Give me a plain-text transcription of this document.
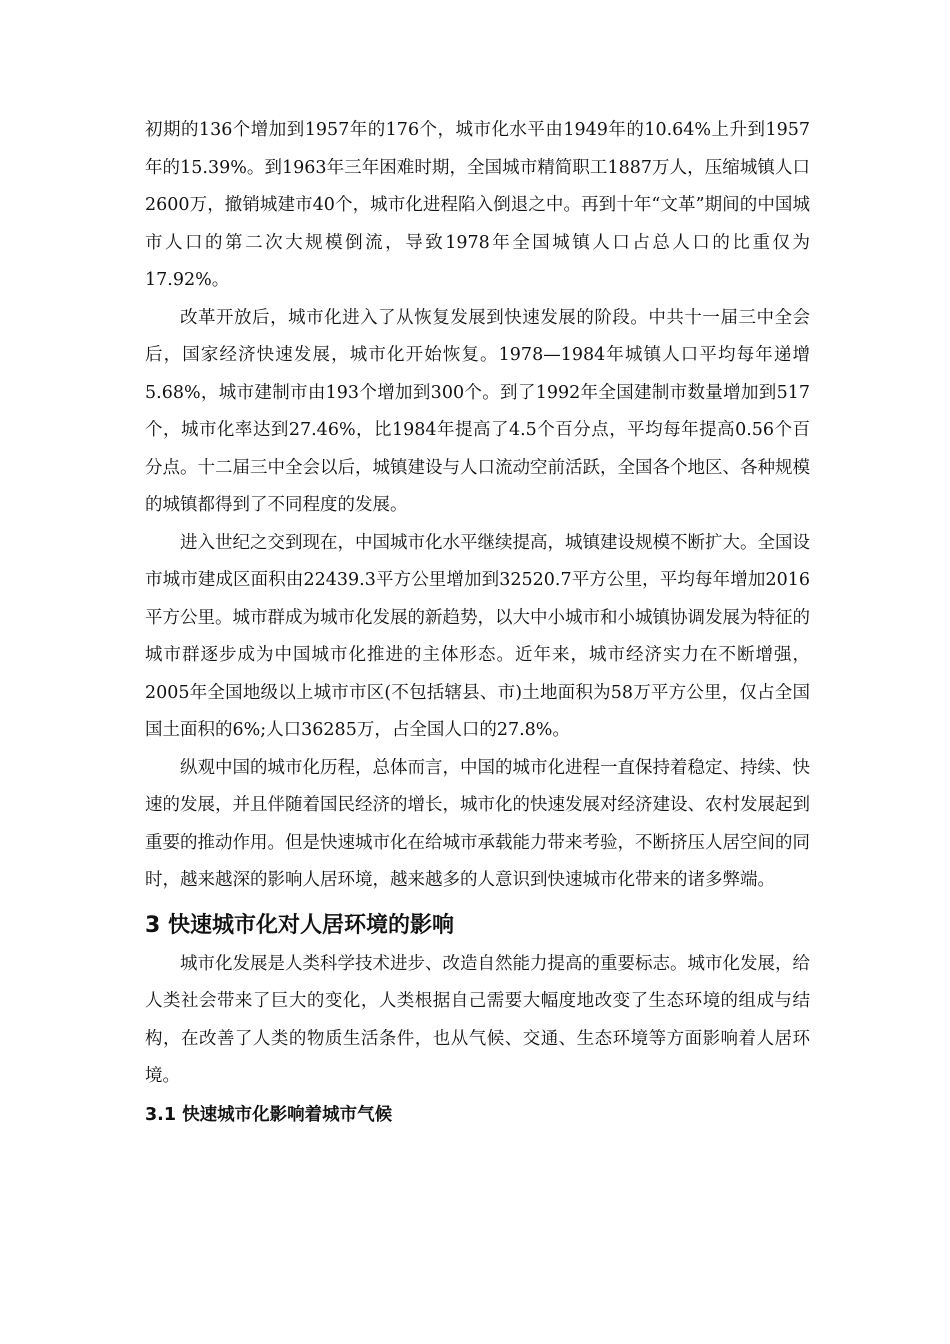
初期的136个增加到1957年的176个，城市化水平由1949年的10.64%上升到1957年的15.39%。到1963年三年困难时期，全国城市精简职工1887万人，压缩城镇人口2600万，撤销城建市40个，城市化进程陷入倒退之中。再到十年“文革”期间的中国城市人口的第二次大规模倒流，导致1978年全国城镇人口占总人口的比重仅为17.92%。

改革开放后，城市化进入了从恢复发展到快速发展的阶段。中共十一届三中全会后，国家经济快速发展，城市化开始恢复。1978—1984年城镇人口平均每年递增5.68%，城市建制市由193个增加到300个。到了1992年全国建制市数量增加到517个，城市化率达到27.46%，比1984年提高了4.5个百分点，平均每年提高0.56个百分点。十二届三中全会以后，城镇建设与人口流动空前活跃，全国各个地区、各种规模的城镇都得到了不同程度的发展。

进入世纪之交到现在，中国城市化水平继续提高，城镇建设规模不断扩大。全国设市城市建成区面积由22439.3平方公里增加到32520.7平方公里，平均每年增加2016平方公里。城市群成为城市化发展的新趋势，以大中小城市和小城镇协调发展为特征的城市群逐步成为中国城市化推进的主体形态。近年来，城市经济实力在不断增强，2005年全国地级以上城市市区(不包括辖县、市)土地面积为58万平方公里，仅占全国国土面积的6%;人口36285万，占全国人口的27.8%。

纵观中国的城市化历程，总体而言，中国的城市化进程一直保持着稳定、持续、快速的发展，并且伴随着国民经济的增长，城市化的快速发展对经济建设、农村发展起到重要的推动作用。但是快速城市化在给城市承载能力带来考验，不断挤压人居空间的同时，越来越深的影响人居环境，越来越多的人意识到快速城市化带来的诸多弊端。

3 快速城市化对人居环境的影响

城市化发展是人类科学技术进步、改造自然能力提高的重要标志。城市化发展，给人类社会带来了巨大的变化，人类根据自己需要大幅度地改变了生态环境的组成与结构，在改善了人类的物质生活条件，也从气候、交通、生态环境等方面影响着人居环境。

3.1 快速城市化影响着城市气候
